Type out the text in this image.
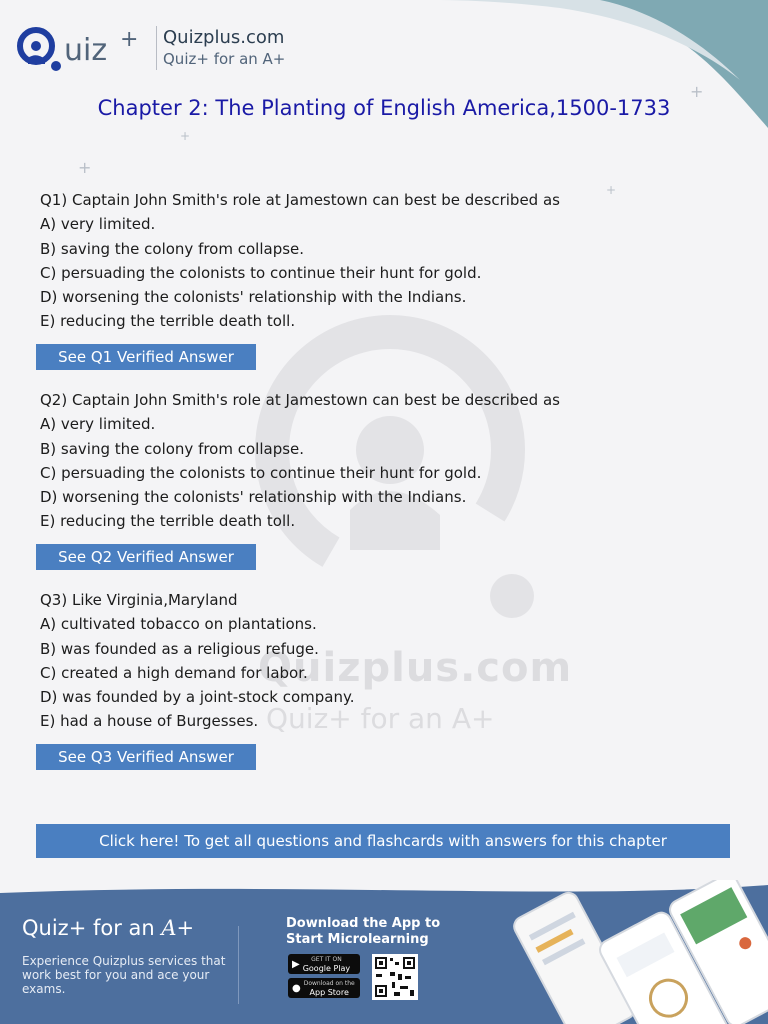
Quizplus.com
Quiz+ for an A+
+
+
+
+
uiz + Quizplus.com
Quiz+ for an A+
Chapter 2: The Planting of English America,1500-1733
Q1) Captain John Smith's role at Jamestown can best be described as
A) very limited.
B) saving the colony from collapse.
C) persuading the colonists to continue their hunt for gold.
D) worsening the colonists' relationship with the Indians.
E) reducing the terrible death toll.
See Q1 Verified Answer
Q2) Captain John Smith's role at Jamestown can best be described as
A) very limited.
B) saving the colony from collapse.
C) persuading the colonists to continue their hunt for gold.
D) worsening the colonists' relationship with the Indians.
E) reducing the terrible death toll.
See Q2 Verified Answer
Q3) Like Virginia,Maryland
A) cultivated tobacco on plantations.
B) was founded as a religious refuge.
C) created a high demand for labor.
D) was founded by a joint-stock company.
E) had a house of Burgesses.
See Q3 Verified Answer
Click here! To get all questions and flashcards with answers for this chapter
Quiz+ for an A+
Experience Quizplus services that work best for you and ace your exams.
Download the App to Start Microlearning
▶	GET IT ON
Google Play
● Download on the
App Store
